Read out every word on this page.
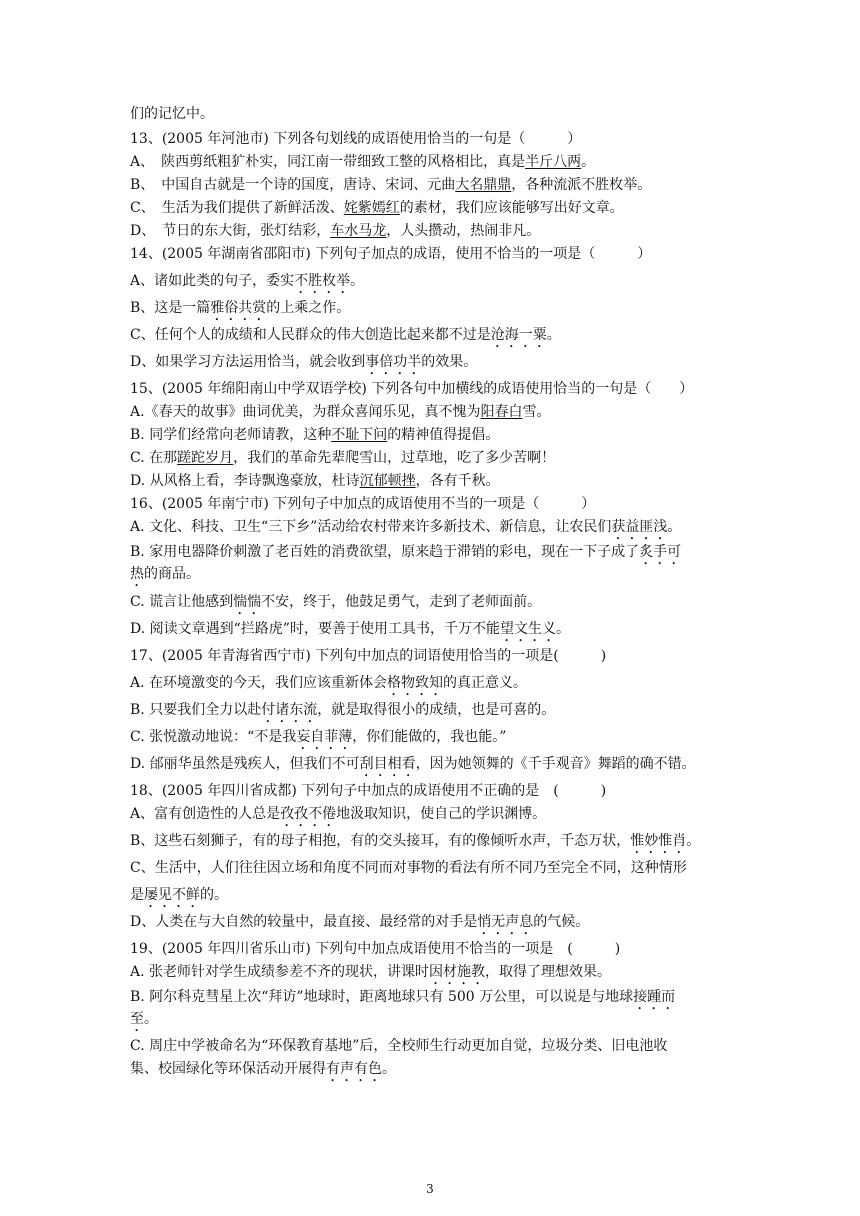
们的记忆中。
13、(2005 年河池市) 下列各句划线的成语使用恰当的一句是（　　　）
A、　陕西剪纸粗犷朴实，同江南一带细致工整的风格相比，真是半斤八两。
B、　中国自古就是一个诗的国度，唐诗、宋词、元曲大名鼎鼎，各种流派不胜枚举。
C、　生活为我们提供了新鲜活泼、姹紫嫣红的素材，我们应该能够写出好文章。
D、　节日的东大街，张灯结彩，车水马龙，人头攒动，热闹非凡。
14、(2005 年湖南省邵阳市) 下列句子加点的成语，使用不恰当的一项是（　　　）
A、诸如此类的句子，委实不胜枚举。
B、这是一篇雅俗共赏的上乘之作。
C、任何个人的成绩和人民群众的伟大创造比起来都不过是沧海一粟。
D、如果学习方法运用恰当，就会收到事倍功半的效果。
15、(2005 年绵阳南山中学双语学校) 下列各句中加横线的成语使用恰当的一句是（　　）
A.《春天的故事》曲词优美，为群众喜闻乐见，真不愧为阳春白雪。
B. 同学们经常向老师请教，这种不耻下问的精神值得提倡。
C. 在那蹉跎岁月，我们的革命先辈爬雪山，过草地，吃了多少苦啊！
D. 从风格上看，李诗飘逸豪放，杜诗沉郁顿挫，各有千秋。
16、(2005 年南宁市) 下列句子中加点的成语使用不当的一项是（　　　）
A. 文化、科技、卫生“三下乡”活动给农村带来许多新技术、新信息，让农民们获益匪浅。
B. 家用电器降价刺激了老百姓的消费欲望，原来趋于滞销的彩电，现在一下子成了炙手可
热的商品。
C. 谎言让他感到惴惴不安，终于，他鼓足勇气，走到了老师面前。
D. 阅读文章遇到“拦路虎”时，要善于使用工具书，千万不能望文生义。
17、(2005 年青海省西宁市) 下列句中加点的词语使用恰当的一项是(　　　)
A. 在环境激变的今天，我们应该重新体会格物致知的真正意义。
B. 只要我们全力以赴付诸东流，就是取得很小的成绩，也是可喜的。
C. 张悦激动地说：“不是我妄自菲薄，你们能做的，我也能。”
D. 邰丽华虽然是残疾人，但我们不可刮目相看，因为她领舞的《千手观音》舞蹈的确不错。
18、(2005 年四川省成都) 下列句子中加点的成语使用不正确的是　(　　　)
A、富有创造性的人总是孜孜不倦地汲取知识，使自己的学识渊博。
B、这些石刻狮子，有的母子相抱，有的交头接耳，有的像倾听水声，千态万状，惟妙惟肖。
C、生活中，人们往往因立场和角度不同而对事物的看法有所不同乃至完全不同，这种情形
是屡见不鲜的。
D、人类在与大自然的较量中，最直接、最经常的对手是悄无声息的气候。
19、(2005 年四川省乐山市) 下列句中加点成语使用不恰当的一项是　(　　　)
A. 张老师针对学生成绩参差不齐的现状，讲课时因材施教，取得了理想效果。
B. 阿尔科克彗星上次“拜访”地球时，距离地球只有 500 万公里，可以说是与地球接踵而
至。
C. 周庄中学被命名为“环保教育基地”后，全校师生行动更加自觉，垃圾分类、旧电池收
集、校园绿化等环保活动开展得有声有色。
3
